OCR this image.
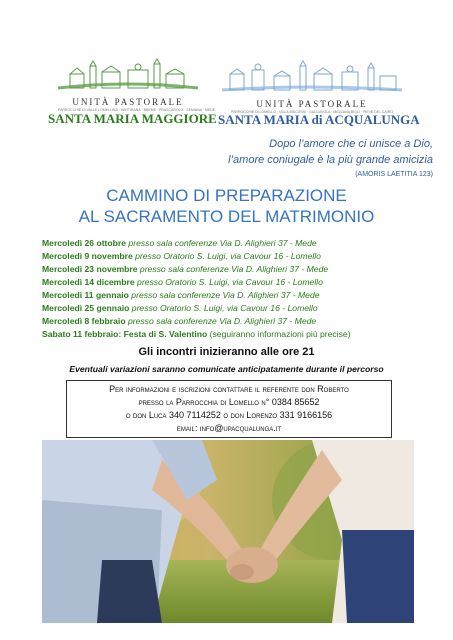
UNITÀ PASTORALE
PARROCCHIE DI VALLE LOMELLINA · SARTIRANA · BREME · FRASCAROLO · SEMIANA · MEDE
SANTA MARIA MAGGIORE
UNITÀ PASTORALE
PARROCCHIE DI LOMELLO · VILLA BISCOSSI · GALLIAVOLA · MEZZANA BIGLI · PIEVE DEL CAIRO
SANTA MARIA di ACQUALUNGA
Dopo l’amore che ci unisce a Dio,
l’amore coniugale è la più grande amicizia
(AMORIS LAETITIA 123)
CAMMINO DI PREPARAZIONE
AL SACRAMENTO DEL MATRIMONIO
Mercoledì 26 ottobre presso sala conferenze Via D. Alighieri 37 - Mede
Mercoledì 9 novembre presso Oratorio S. Luigi, via Cavour 16 - Lomello
Mercoledì 23 novembre presso sala conferenze Via D. Alighieri 37 - Mede
Mercoledì 14 dicembre presso Oratorio S. Luigi, via Cavour 16 - Lomello
Mercoledì 11 gennaio presso sala conferenze Via D. Alighieri 37 - Mede
Mercoledì 25 gennaio presso Oratorio S. Luigi, via Cavour 16 - Lomello
Mercoledì 8 febbraio presso sala conferenze Via D. Alighieri 37 - Mede
Sabato 11 febbraio: Festa di S. Valentino (seguiranno informazioni più precise)
Gli incontri inizieranno alle ore 21
Eventuali variazioni saranno comunicate anticipatamente durante il percorso
Per informazioni e iscrizioni contattare il referente don Roberto
presso la Parrocchia di Lomello n° 0384 85652
o don Luca 340 7114252 o don Lorenzo 331 9166156
email: info@upacqualunga.it
